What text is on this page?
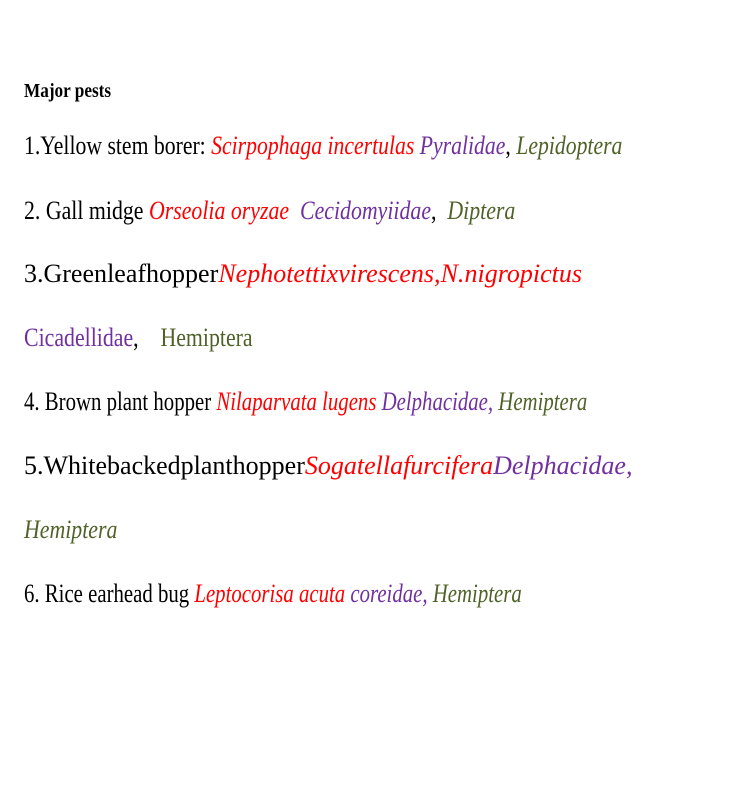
Major pests
1.Yellow stem borer: Scirpophaga incertulas Pyralidae, Lepidoptera
2. Gall midge Orseolia oryzae Cecidomyiidae, Diptera
3.Green leafhopper Nephotettix virescens, N. nigropictus
Cicadellidae, Hemiptera
4. Brown plant hopper Nilaparvata lugens Delphacidae, Hemiptera
5.White backed plant hopper Sogatella furcifera Delphacidae,
Hemiptera
6. Rice earhead bug Leptocorisa acuta coreidae, Hemiptera
